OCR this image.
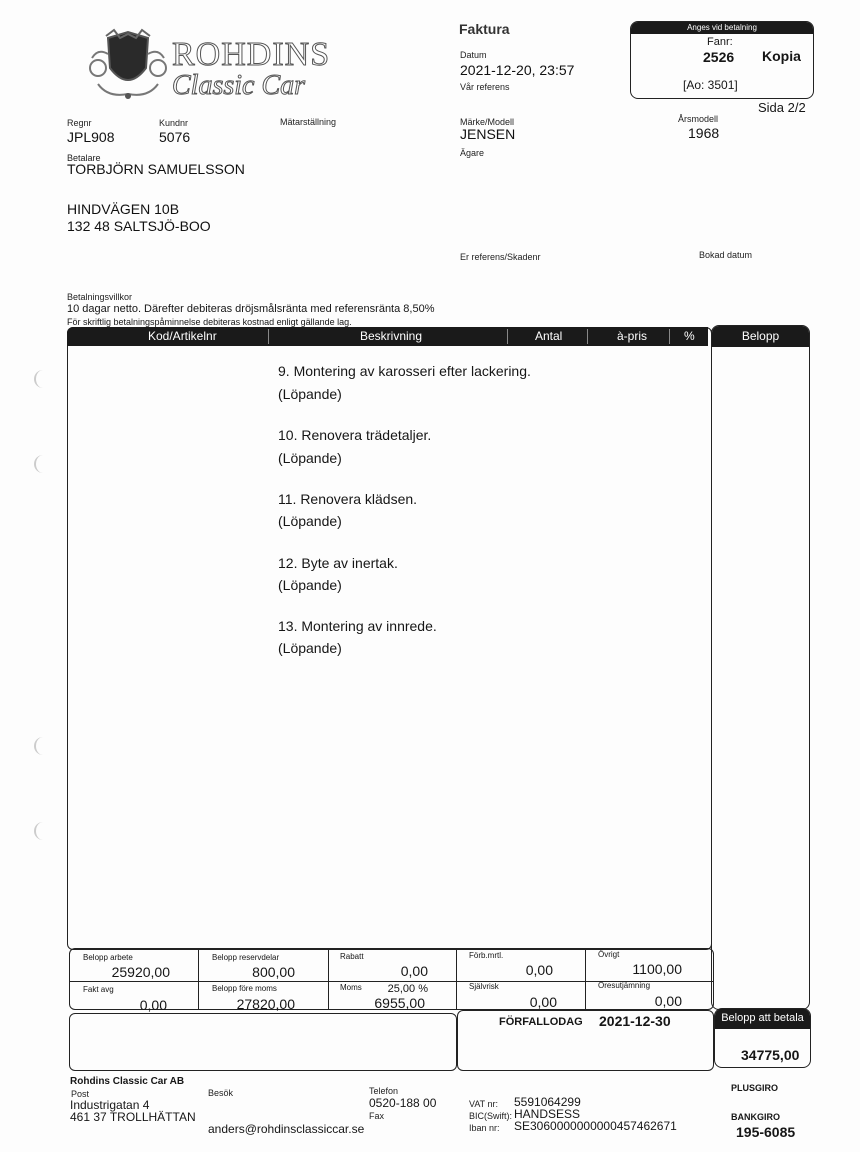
ROHDINS
Classic Car
Faktura
Datum
2021-12-20, 23:57
Vår referens
Anges vid betalning
Fanr:
2526 Kopia
[Ao: 3501]
Sida 2/2
Regnr
JPL908
Kundnr
5076
Mätarställning	Märke/Modell
JENSEN
Årsmodell
1968
Ägare
Betalare
TORBJÖRN SAMUELSSON
HINDVÄGEN 10B
132 48 SALTSJÖ-BOO
Er referens/Skadenr	Bokad datum
Betalningsvillkor
10 dagar netto. Därefter debiteras dröjsmålsränta med referensränta 8,50%
För skriftlig betalningspåminnelse debiteras kostnad enligt gällande lag.
Kod/Artikelnr	Beskrivning	Antal	à-pris	%	Belopp
9. Montering av karosseri efter lackering.
(Löpande)
10. Renovera trädetaljer.
(Löpande)
11. Renovera klädsen.
(Löpande)
12. Byte av inertak.
(Löpande)
13. Montering av innrede.
(Löpande)
Belopp arbete
25920,00
Belopp reservdelar
800,00
Rabatt
0,00
Förb.mrtl.
0,00
Övrigt
1100,00
Fakt avg
0,00
Belopp före moms
27820,00
Moms	25,00 %
6955,00
Självrisk
0,00
Öresutjämning
0,00
FÖRFALLODAG 2021-12-30	Belopp att betala
34775,00
Rohdins Classic Car AB
Post
Industrigatan 4
461 37 TROLLHÄTTAN
Besök
anders@rohdinsclassiccar.se
Telefon
0520-188 00
Fax
VAT nr: 5591064299
BIC(Swift): HANDSESS
Iban nr: SE3060000000000457462671
PLUSGIRO
BANKGIRO
195-6085
